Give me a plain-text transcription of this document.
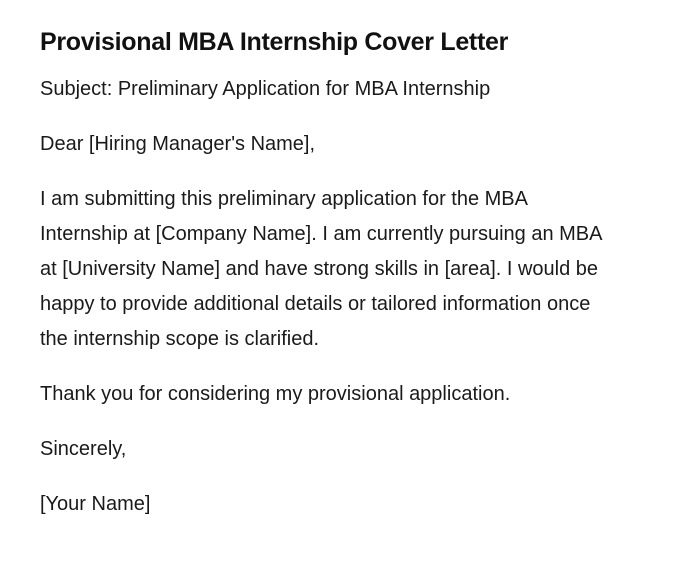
Provisional MBA Internship Cover Letter

Subject: Preliminary Application for MBA Internship

Dear [Hiring Manager's Name],

I am submitting this preliminary application for the MBA Internship at [Company Name]. I am currently pursuing an MBA at [University Name] and have strong skills in [area]. I would be happy to provide additional details or tailored information once the internship scope is clarified.

Thank you for considering my provisional application.

Sincerely,

[Your Name]
